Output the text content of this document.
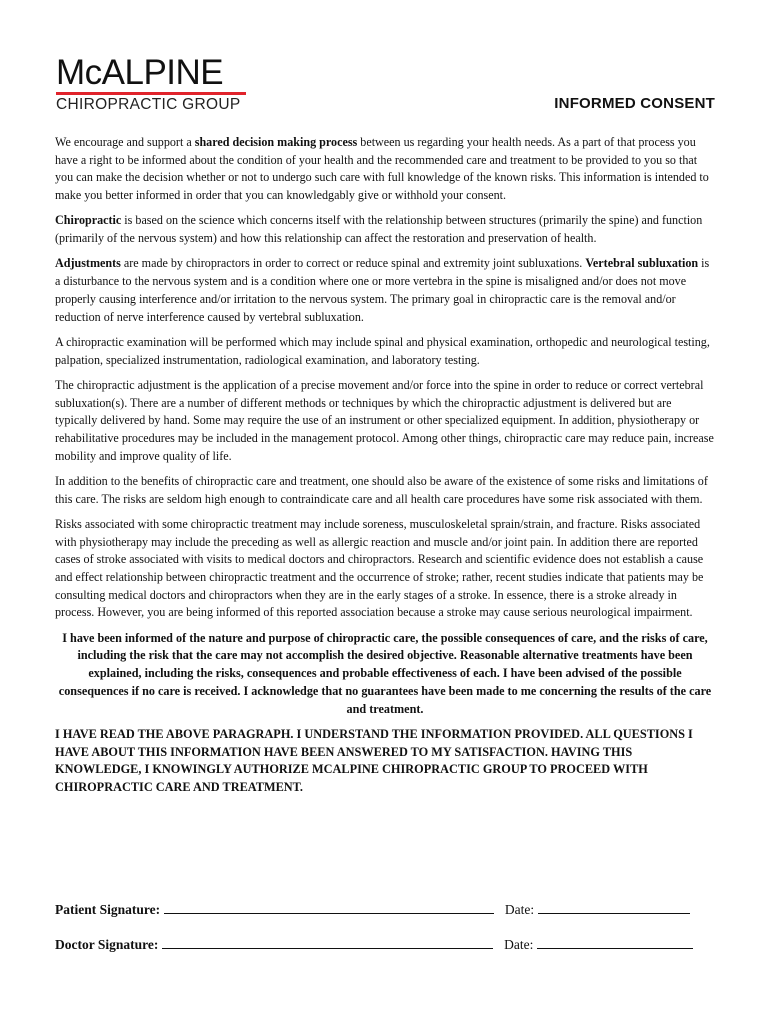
McALPINE
CHIROPRACTIC GROUP	INFORMED CONSENT

We encourage and support a shared decision making process between us regarding your health needs. As a part of that process you have a right to be informed about the condition of your health and the recommended care and treatment to be provided to you so that you can make the decision whether or not to undergo such care with full knowledge of the known risks. This information is intended to make you better informed in order that you can knowledgably give or withhold your consent.

Chiropractic is based on the science which concerns itself with the relationship between structures (primarily the spine) and function (primarily of the nervous system) and how this relationship can affect the restoration and preservation of health.

Adjustments are made by chiropractors in order to correct or reduce spinal and extremity joint subluxations. Vertebral subluxation is a disturbance to the nervous system and is a condition where one or more vertebra in the spine is misaligned and/or does not move properly causing interference and/or irritation to the nervous system. The primary goal in chiropractic care is the removal and/or reduction of nerve interference caused by vertebral subluxation.

A chiropractic examination will be performed which may include spinal and physical examination, orthopedic and neurological testing, palpation, specialized instrumentation, radiological examination, and laboratory testing.

The chiropractic adjustment is the application of a precise movement and/or force into the spine in order to reduce or correct vertebral subluxation(s). There are a number of different methods or techniques by which the chiropractic adjustment is delivered but are typically delivered by hand. Some may require the use of an instrument or other specialized equipment. In addition, physiotherapy or rehabilitative procedures may be included in the management protocol. Among other things, chiropractic care may reduce pain, increase mobility and improve quality of life.

In addition to the benefits of chiropractic care and treatment, one should also be aware of the existence of some risks and limitations of this care. The risks are seldom high enough to contraindicate care and all health care procedures have some risk associated with them.

Risks associated with some chiropractic treatment may include soreness, musculoskeletal sprain/strain, and fracture. Risks associated with physiotherapy may include the preceding as well as allergic reaction and muscle and/or joint pain. In addition there are reported cases of stroke associated with visits to medical doctors and chiropractors. Research and scientific evidence does not establish a cause and effect relationship between chiropractic treatment and the occurrence of stroke; rather, recent studies indicate that patients may be consulting medical doctors and chiropractors when they are in the early stages of a stroke. In essence, there is a stroke already in process. However, you are being informed of this reported association because a stroke may cause serious neurological impairment.

I have been informed of the nature and purpose of chiropractic care, the possible consequences of care, and the risks of care, including the risk that the care may not accomplish the desired objective. Reasonable alternative treatments have been explained, including the risks, consequences and probable effectiveness of each. I have been advised of the possible consequences if no care is received. I acknowledge that no guarantees have been made to me concerning the results of the care and treatment.

I HAVE READ THE ABOVE PARAGRAPH. I UNDERSTAND THE INFORMATION PROVIDED. ALL QUESTIONS I HAVE ABOUT THIS INFORMATION HAVE BEEN ANSWERED TO MY SATISFACTION. HAVING THIS KNOWLEDGE, I KNOWINGLY AUTHORIZE MCALPINE CHIROPRACTIC GROUP TO PROCEED WITH CHIROPRACTIC CARE AND TREATMENT.

Patient Signature:	Date:
Doctor Signature:	Date:
